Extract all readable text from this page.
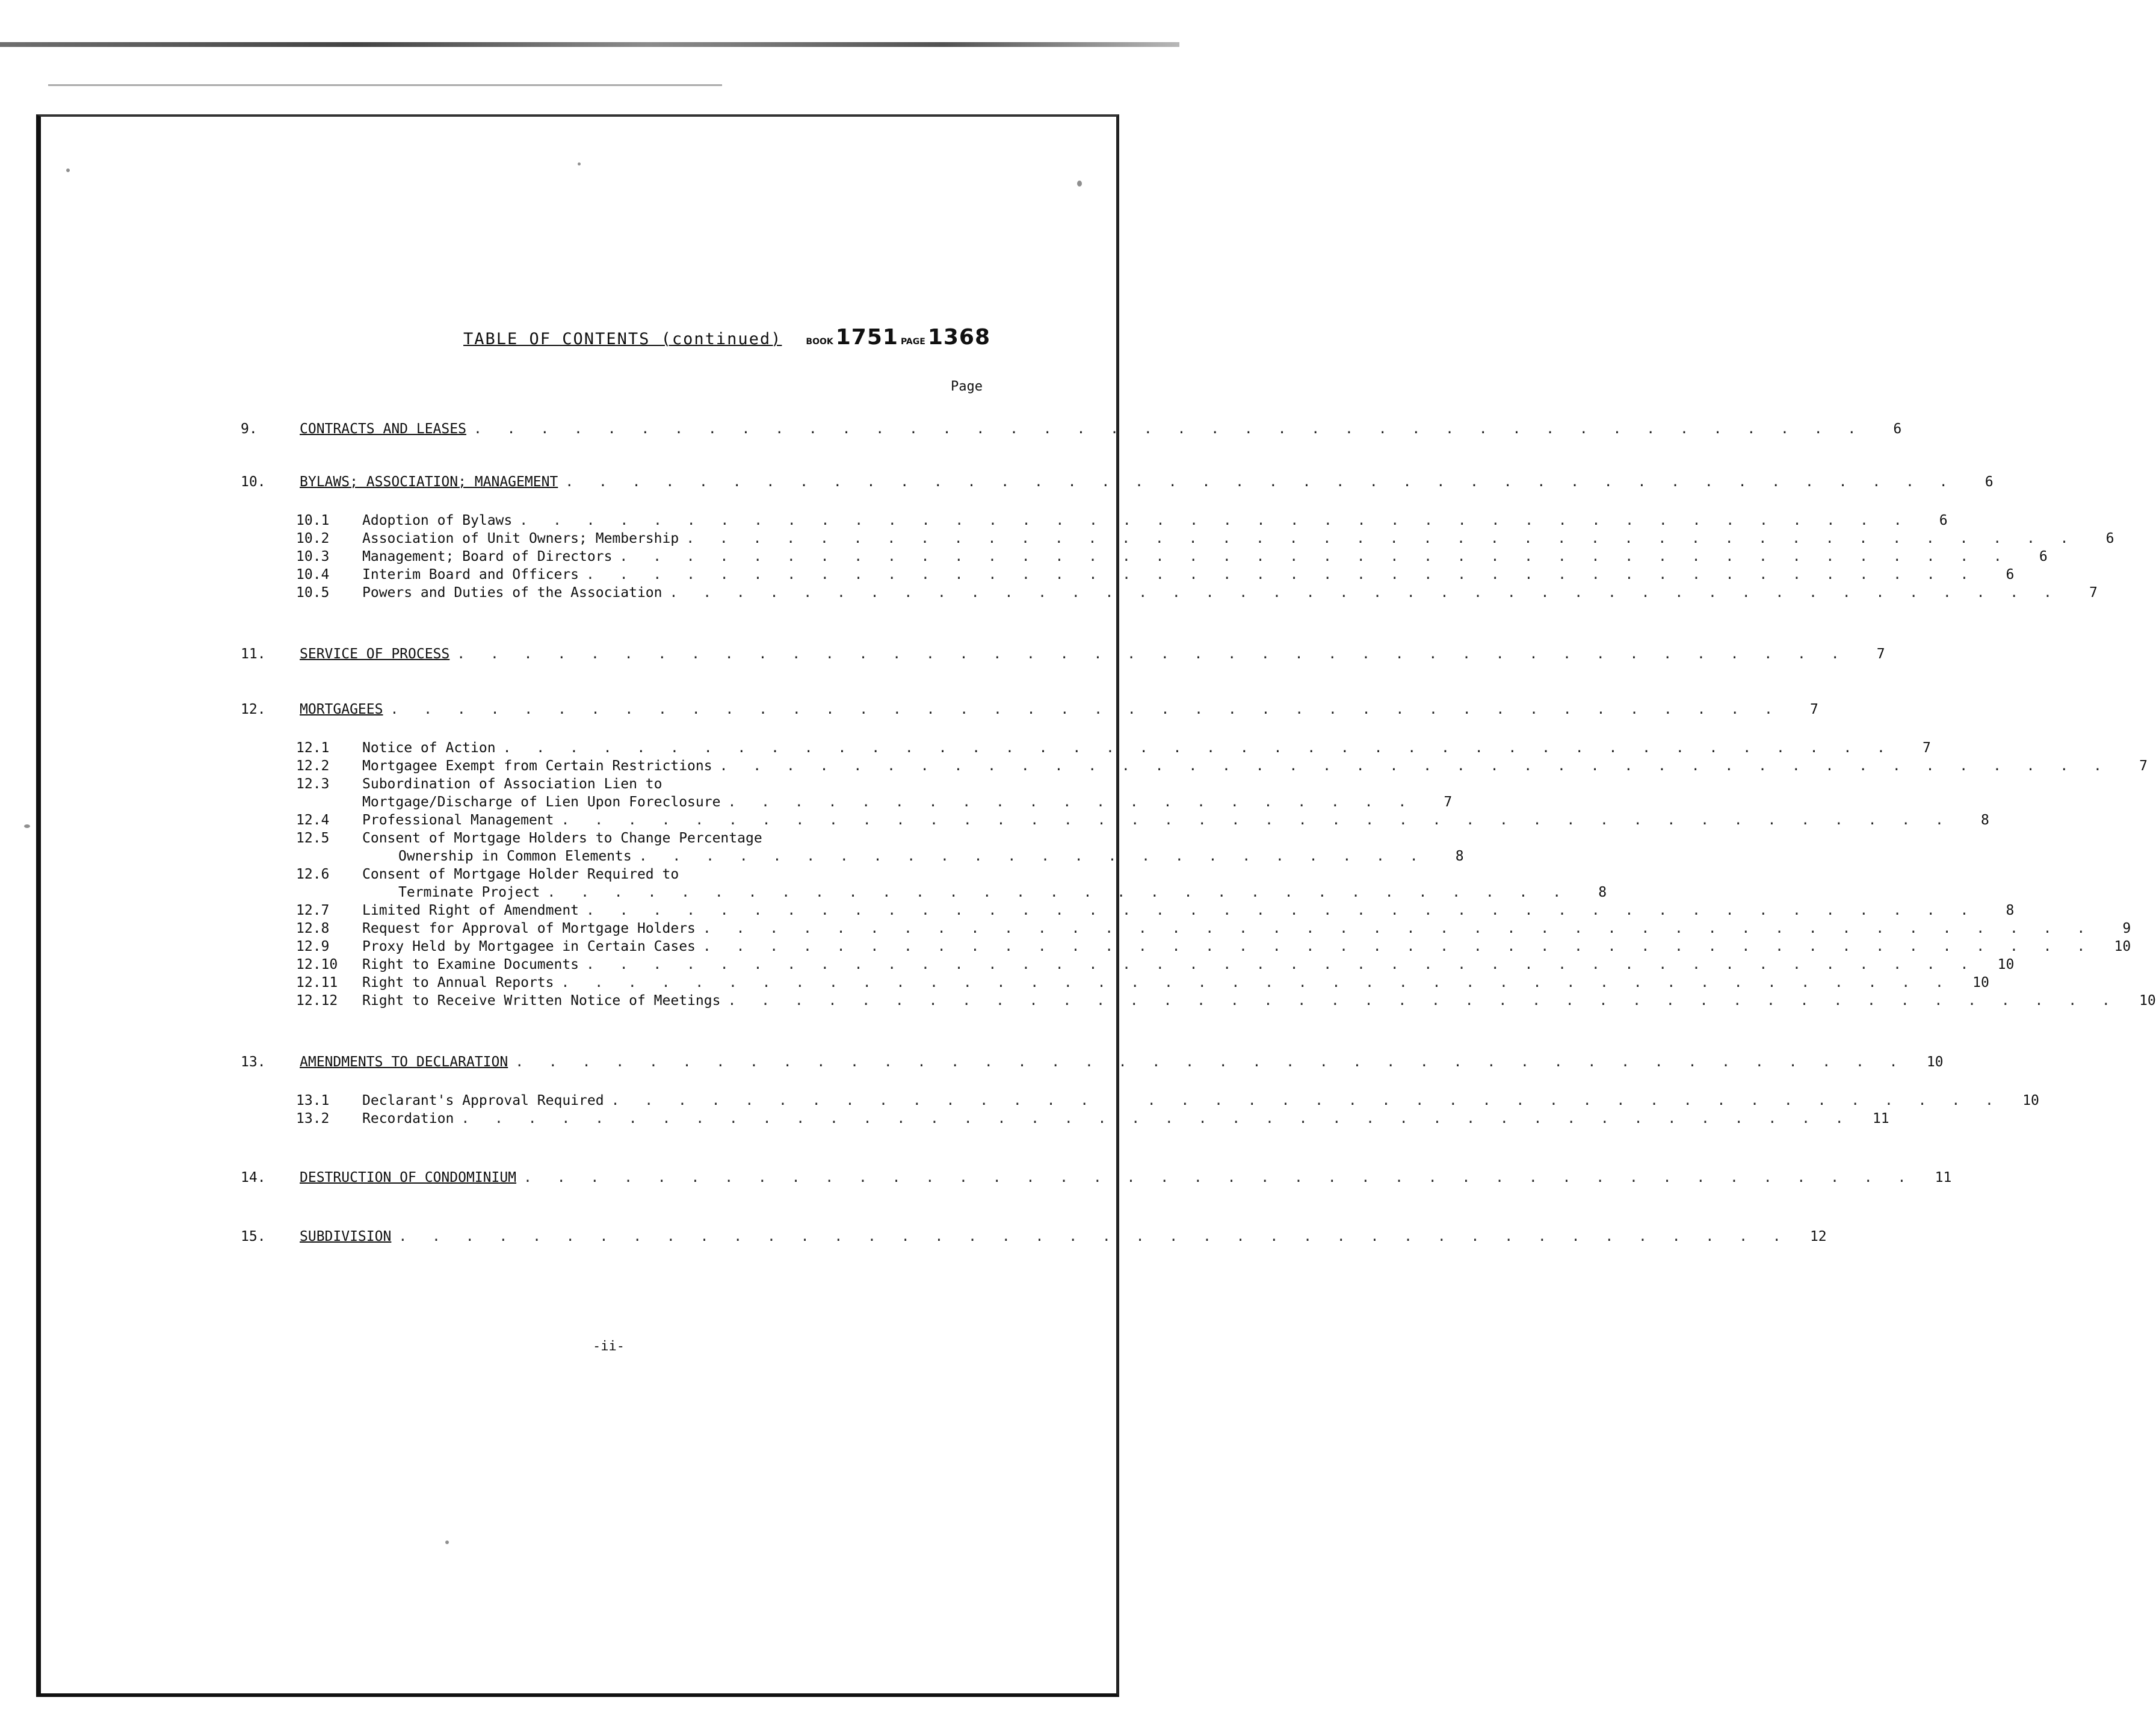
TABLE OF CONTENTS (continued)	BOOK 1751 PAGE 1368
Page
9.	CONTRACTS AND LEASES . . . . . . . . . . . . . . . . . . . . . . . . . . . . . . . . . . . . . . . . . .	6
10.	BYLAWS; ASSOCIATION; MANAGEMENT . . . . . . . . . . . . . . . . . . . . . . . . . . . . . . . . . . . . . . . . . .	6
10.1	Adoption of Bylaws . . . . . . . . . . . . . . . . . . . . . . . . . . . . . . . . . . . . . . . . . .	6
10.2	Association of Unit Owners; Membership . . . . . . . . . . . . . . . . . . . . . . . . . . . . . . . . . . . . . . . . . .	6
10.3	Management; Board of Directors . . . . . . . . . . . . . . . . . . . . . . . . . . . . . . . . . . . . . . . . . .	6
10.4	Interim Board and Officers . . . . . . . . . . . . . . . . . . . . . . . . . . . . . . . . . . . . . . . . . .	6
10.5	Powers and Duties of the Association . . . . . . . . . . . . . . . . . . . . . . . . . . . . . . . . . . . . . . . . . .	7
11.	SERVICE OF PROCESS . . . . . . . . . . . . . . . . . . . . . . . . . . . . . . . . . . . . . . . . . .	7
12.	MORTGAGEES . . . . . . . . . . . . . . . . . . . . . . . . . . . . . . . . . . . . . . . . . .	7
12.1	Notice of Action . . . . . . . . . . . . . . . . . . . . . . . . . . . . . . . . . . . . . . . . . .	7
12.2	Mortgagee Exempt from Certain Restrictions . . . . . . . . . . . . . . . . . . . . . . . . . . . . . . . . . . . . . . . . . .	7
12.3	Subordination of Association Lien to
Mortgage/Discharge of Lien Upon Foreclosure . . . . . . . . . . . . . . . . . . . . .	7
12.4	Professional Management . . . . . . . . . . . . . . . . . . . . . . . . . . . . . . . . . . . . . . . . . .	8
12.5	Consent of Mortgage Holders to Change Percentage
Ownership in Common Elements . . . . . . . . . . . . . . . . . . . . . . . .	8
12.6	Consent of Mortgage Holder Required to
Terminate Project . . . . . . . . . . . . . . . . . . . . . . . . . . . . . . .	8
12.7	Limited Right of Amendment . . . . . . . . . . . . . . . . . . . . . . . . . . . . . . . . . . . . . . . . . .	8
12.8	Request for Approval of Mortgage Holders . . . . . . . . . . . . . . . . . . . . . . . . . . . . . . . . . . . . . . . . . .	9
12.9	Proxy Held by Mortgagee in Certain Cases . . . . . . . . . . . . . . . . . . . . . . . . . . . . . . . . . . . . . . . . . .	10
12.10	Right to Examine Documents . . . . . . . . . . . . . . . . . . . . . . . . . . . . . . . . . . . . . . . . . .	10
12.11	Right to Annual Reports . . . . . . . . . . . . . . . . . . . . . . . . . . . . . . . . . . . . . . . . . .	10
12.12	Right to Receive Written Notice of Meetings . . . . . . . . . . . . . . . . . . . . . . . . . . . . . . . . . . . . . . . . . .	10
13.	AMENDMENTS TO DECLARATION . . . . . . . . . . . . . . . . . . . . . . . . . . . . . . . . . . . . . . . . . .	10
13.1	Declarant's Approval Required . . . . . . . . . . . . . . . . . . . . . . . . . . . . . . . . . . . . . . . . . .	10
13.2	Recordation . . . . . . . . . . . . . . . . . . . . . . . . . . . . . . . . . . . . . . . . . .	11
14.	DESTRUCTION OF CONDOMINIUM . . . . . . . . . . . . . . . . . . . . . . . . . . . . . . . . . . . . . . . . . .	11
15.	SUBDIVISION . . . . . . . . . . . . . . . . . . . . . . . . . . . . . . . . . . . . . . . . . .	12
-ii-
